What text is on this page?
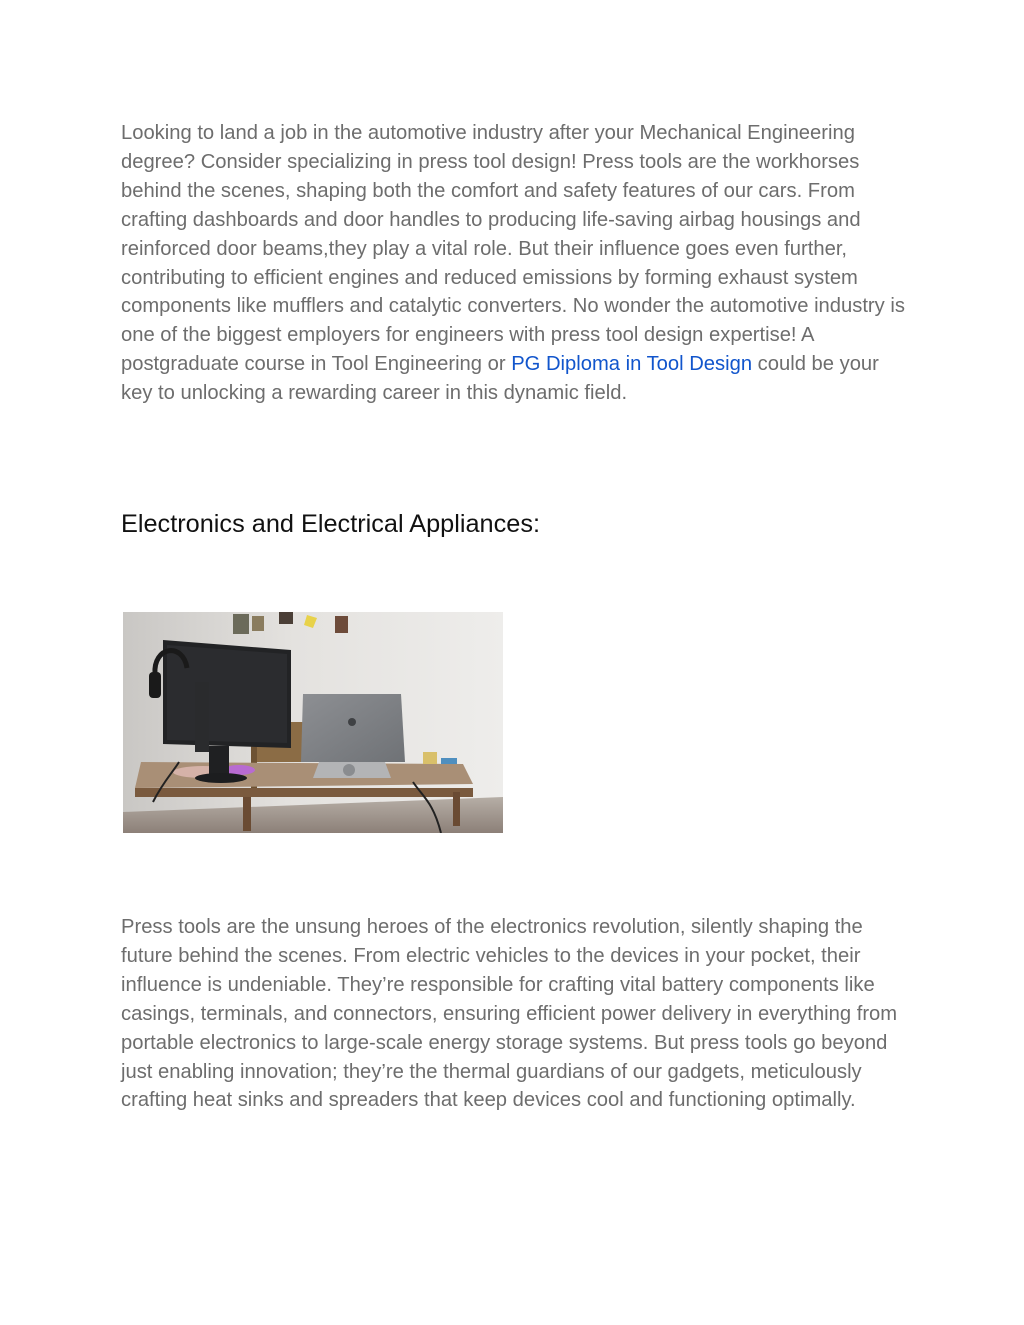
Looking to land a job in the automotive industry after your Mechanical Engineering degree? Consider specializing in press tool design! Press tools are the workhorses behind the scenes, shaping both the comfort and safety features of our cars. From crafting dashboards and door handles to producing life-saving airbag housings and reinforced door beams,they play a vital role. But their influence goes even further, contributing to efficient engines and reduced emissions by forming exhaust system components like mufflers and catalytic converters. No wonder the automotive industry is one of the biggest employers for engineers with press tool design expertise! A postgraduate course in Tool Engineering or PG Diploma in Tool Design could be your key to unlocking a rewarding career in this dynamic field.

Electronics and Electrical Appliances:

Press tools are the unsung heroes of the electronics revolution, silently shaping the future behind the scenes. From electric vehicles to the devices in your pocket, their influence is undeniable. They’re responsible for crafting vital battery components like casings, terminals, and connectors, ensuring efficient power delivery in everything from portable electronics to large-scale energy storage systems. But press tools go beyond just enabling innovation; they’re the thermal guardians of our gadgets, meticulously crafting heat sinks and spreaders that keep devices cool and functioning optimally.
